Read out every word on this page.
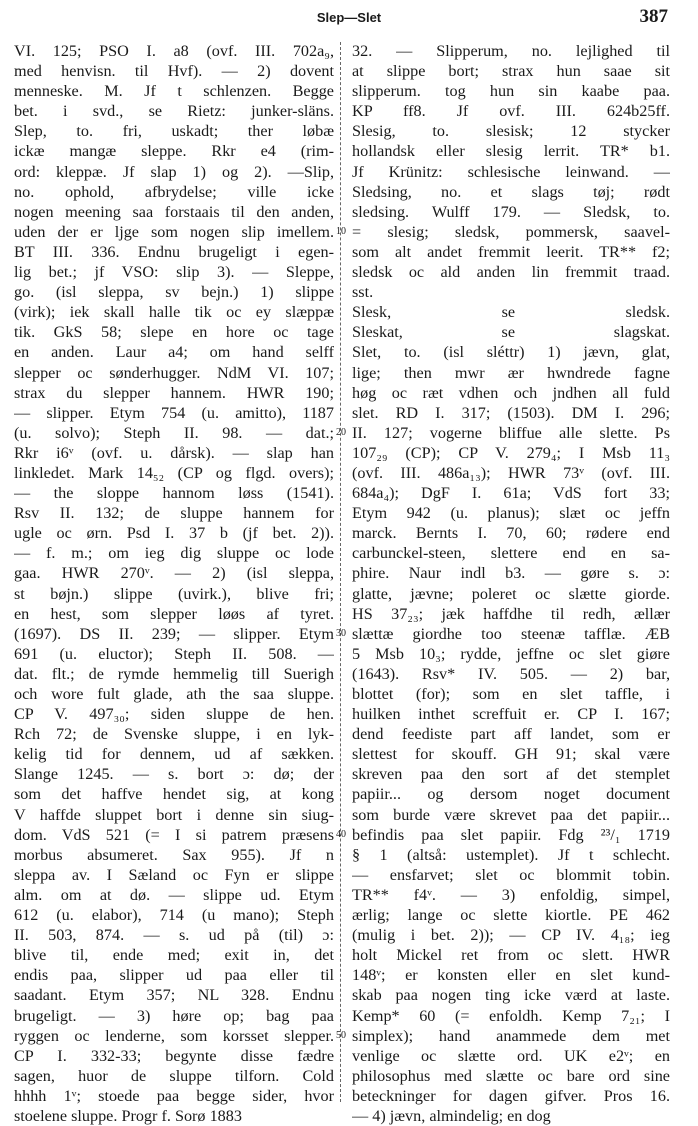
Slep—Slet	387
VI. 125; PSO I. a8 (ovf. III. 702a₉,
med henvisn. til Hvf). — 2) dovent
menneske. M. Jf t schlenzen. Begge
bet. i svd., se Rietz: junker-släns.
Slep, to. fri, uskadt; ther løbæ
ickæ mangæ sleppe. Rkr e4 (rim-
ord: kleppæ. Jf slap 1) og 2). —Slip,
no. ophold, afbrydelse; ville icke
nogen meening saa forstaais til den anden,
uden der er ljge som nogen slip imellem.
BT III. 336. Endnu brugeligt i egen-
lig bet.; jf VSO: slip 3). — Sleppe,
go. (isl sleppa, sv bejn.) 1) slippe
(virk); iek skall halle tik oc ey slæppæ
tik. GkS 58; slepe en hore oc tage
en anden. Laur a4; om hand selff
slepper oc sønderhugger. NdM VI. 107;
strax du slepper hannem. HWR 190;
— slipper. Etym 754 (u. amitto), 1187
(u. solvo); Steph II. 98. — dat.;
Rkr i6ᵛ (ovf. u. dårsk). — slap han
linkledet. Mark 14₅₂ (CP og flgd. overs);
— the sloppe hannom løss (1541).
Rsv II. 132; de sluppe hannem for
ugle oc ørn. Psd I. 37 b (jf bet. 2)).
— f. m.; om ieg dig sluppe oc lode
gaa. HWR 270ᵛ. — 2) (isl sleppa,
st bøjn.) slippe (uvirk.), blive fri;
en hest, som slepper løøs af tyret.
(1697). DS II. 239; — slipper. Etym
691 (u. eluctor); Steph II. 508. —
dat. flt.; de rymde hemmelig till Suerigh
och wore fult glade, ath the saa sluppe.
CP V. 497₃₀; siden sluppe de hen.
Rch 72; de Svenske sluppe, i en lyk-
kelig tid for dennem, ud af sækken.
Slange 1245. — s. bort ɔ: dø; der
som det haffve hendet sig, at kong
V haffde sluppet bort i denne sin siug-
dom. VdS 521 (= I si patrem præsens
morbus absumeret. Sax 955). Jf n
sleppa av. I Sæland oc Fyn er slippe
alm. om at dø. — slippe ud. Etym
612 (u. elabor), 714 (u mano); Steph
II. 503, 874. — s. ud på (til) ɔ:
blive til, ende med; exit in, det
endis paa, slipper ud paa eller til
saadant. Etym 357; NL 328. Endnu
brugeligt. — 3) høre op; bag paa
ryggen oc lenderne, som korsset slepper.
CP I. 332-33; begynte disse fædre
sagen, huor de sluppe tilforn. Cold
hhhh 1ᵛ; stoede paa begge sider, hvor
stoelene sluppe. Progr f. Sorø 1883
10
20
30
40
50
32. — Slipperum, no. lejlighed til
at slippe bort; strax hun saae sit
slipperum. tog hun sin kaabe paa.
KP ff8. Jf ovf. III. 624b25ff.
Slesig, to. slesisk; 12 stycker
hollandsk eller slesig lerrit. TR* b1.
Jf Krünitz: schlesische leinwand. —
Sledsing, no. et slags tøj; rødt
sledsing. Wulff 179. — Sledsk, to.
= slesig; sledsk, pommersk, saavel-
som alt andet fremmit leerit. TR** f2;
sledsk oc ald anden lin fremmit traad.
sst.
Slesk, se sledsk.
Sleskat, se slagskat.
Slet, to. (isl sléttr) 1) jævn, glat,
lige; then mwr ær hwndrede fagne
høg oc ræt vdhen och jndhen all fuld
slet. RD I. 317; (1503). DM I. 296;
II. 127; vogerne bliffue alle slette. Ps
107₂₉ (CP); CP V. 279₄; I Msb 11₃
(ovf. III. 486a₁₃); HWR 73ᵛ (ovf. III.
684a₄); DgF I. 61a; VdS fort 33;
Etym 942 (u. planus); slæt oc jeffn
marck. Bernts I. 70, 60; rødere end
carbunckel-steen, slettere end en sa-
phire. Naur indl b3. — gøre s. ɔ:
glatte, jævne; poleret oc slætte giorde.
HS 37₂₃; jæk haffdhe til redh, ællær
slættæ giordhe too steenæ tafflæ. ÆB
5 Msb 10₃; rydde, jeffne oc slet giøre
(1643). Rsv* IV. 505. — 2) bar,
blottet (for); som en slet taffle, i
huilken inthet screffuit er. CP I. 167;
dend feediste part aff landet, som er
slettest for skouff. GH 91; skal være
skreven paa den sort af det stemplet
papiir... og dersom noget document
som burde være skrevet paa det papiir...
befindis paa slet papiir. Fdg ²³/₁ 1719
§ 1 (altså: ustemplet). Jf t schlecht.
— ensfarvet; slet oc blommit tobin.
TR** f4ᵛ. — 3) enfoldig, simpel,
ærlig; lange oc slette kiortle. PE 462
(mulig i bet. 2)); — CP IV. 4₁₈; ieg
holt Mickel ret from oc slett. HWR
148ᵛ; er konsten eller en slet kund-
skab paa nogen ting icke værd at laste.
Kemp* 60 (= enfoldh. Kemp 7₂₁; I
simplex); hand anammede dem met
venlige oc slætte ord. UK e2ᵛ; en
philosophus med slætte oc bare ord sine
beteckninger for dagen gifver. Pros 16.
— 4) jævn, almindelig; en dog
